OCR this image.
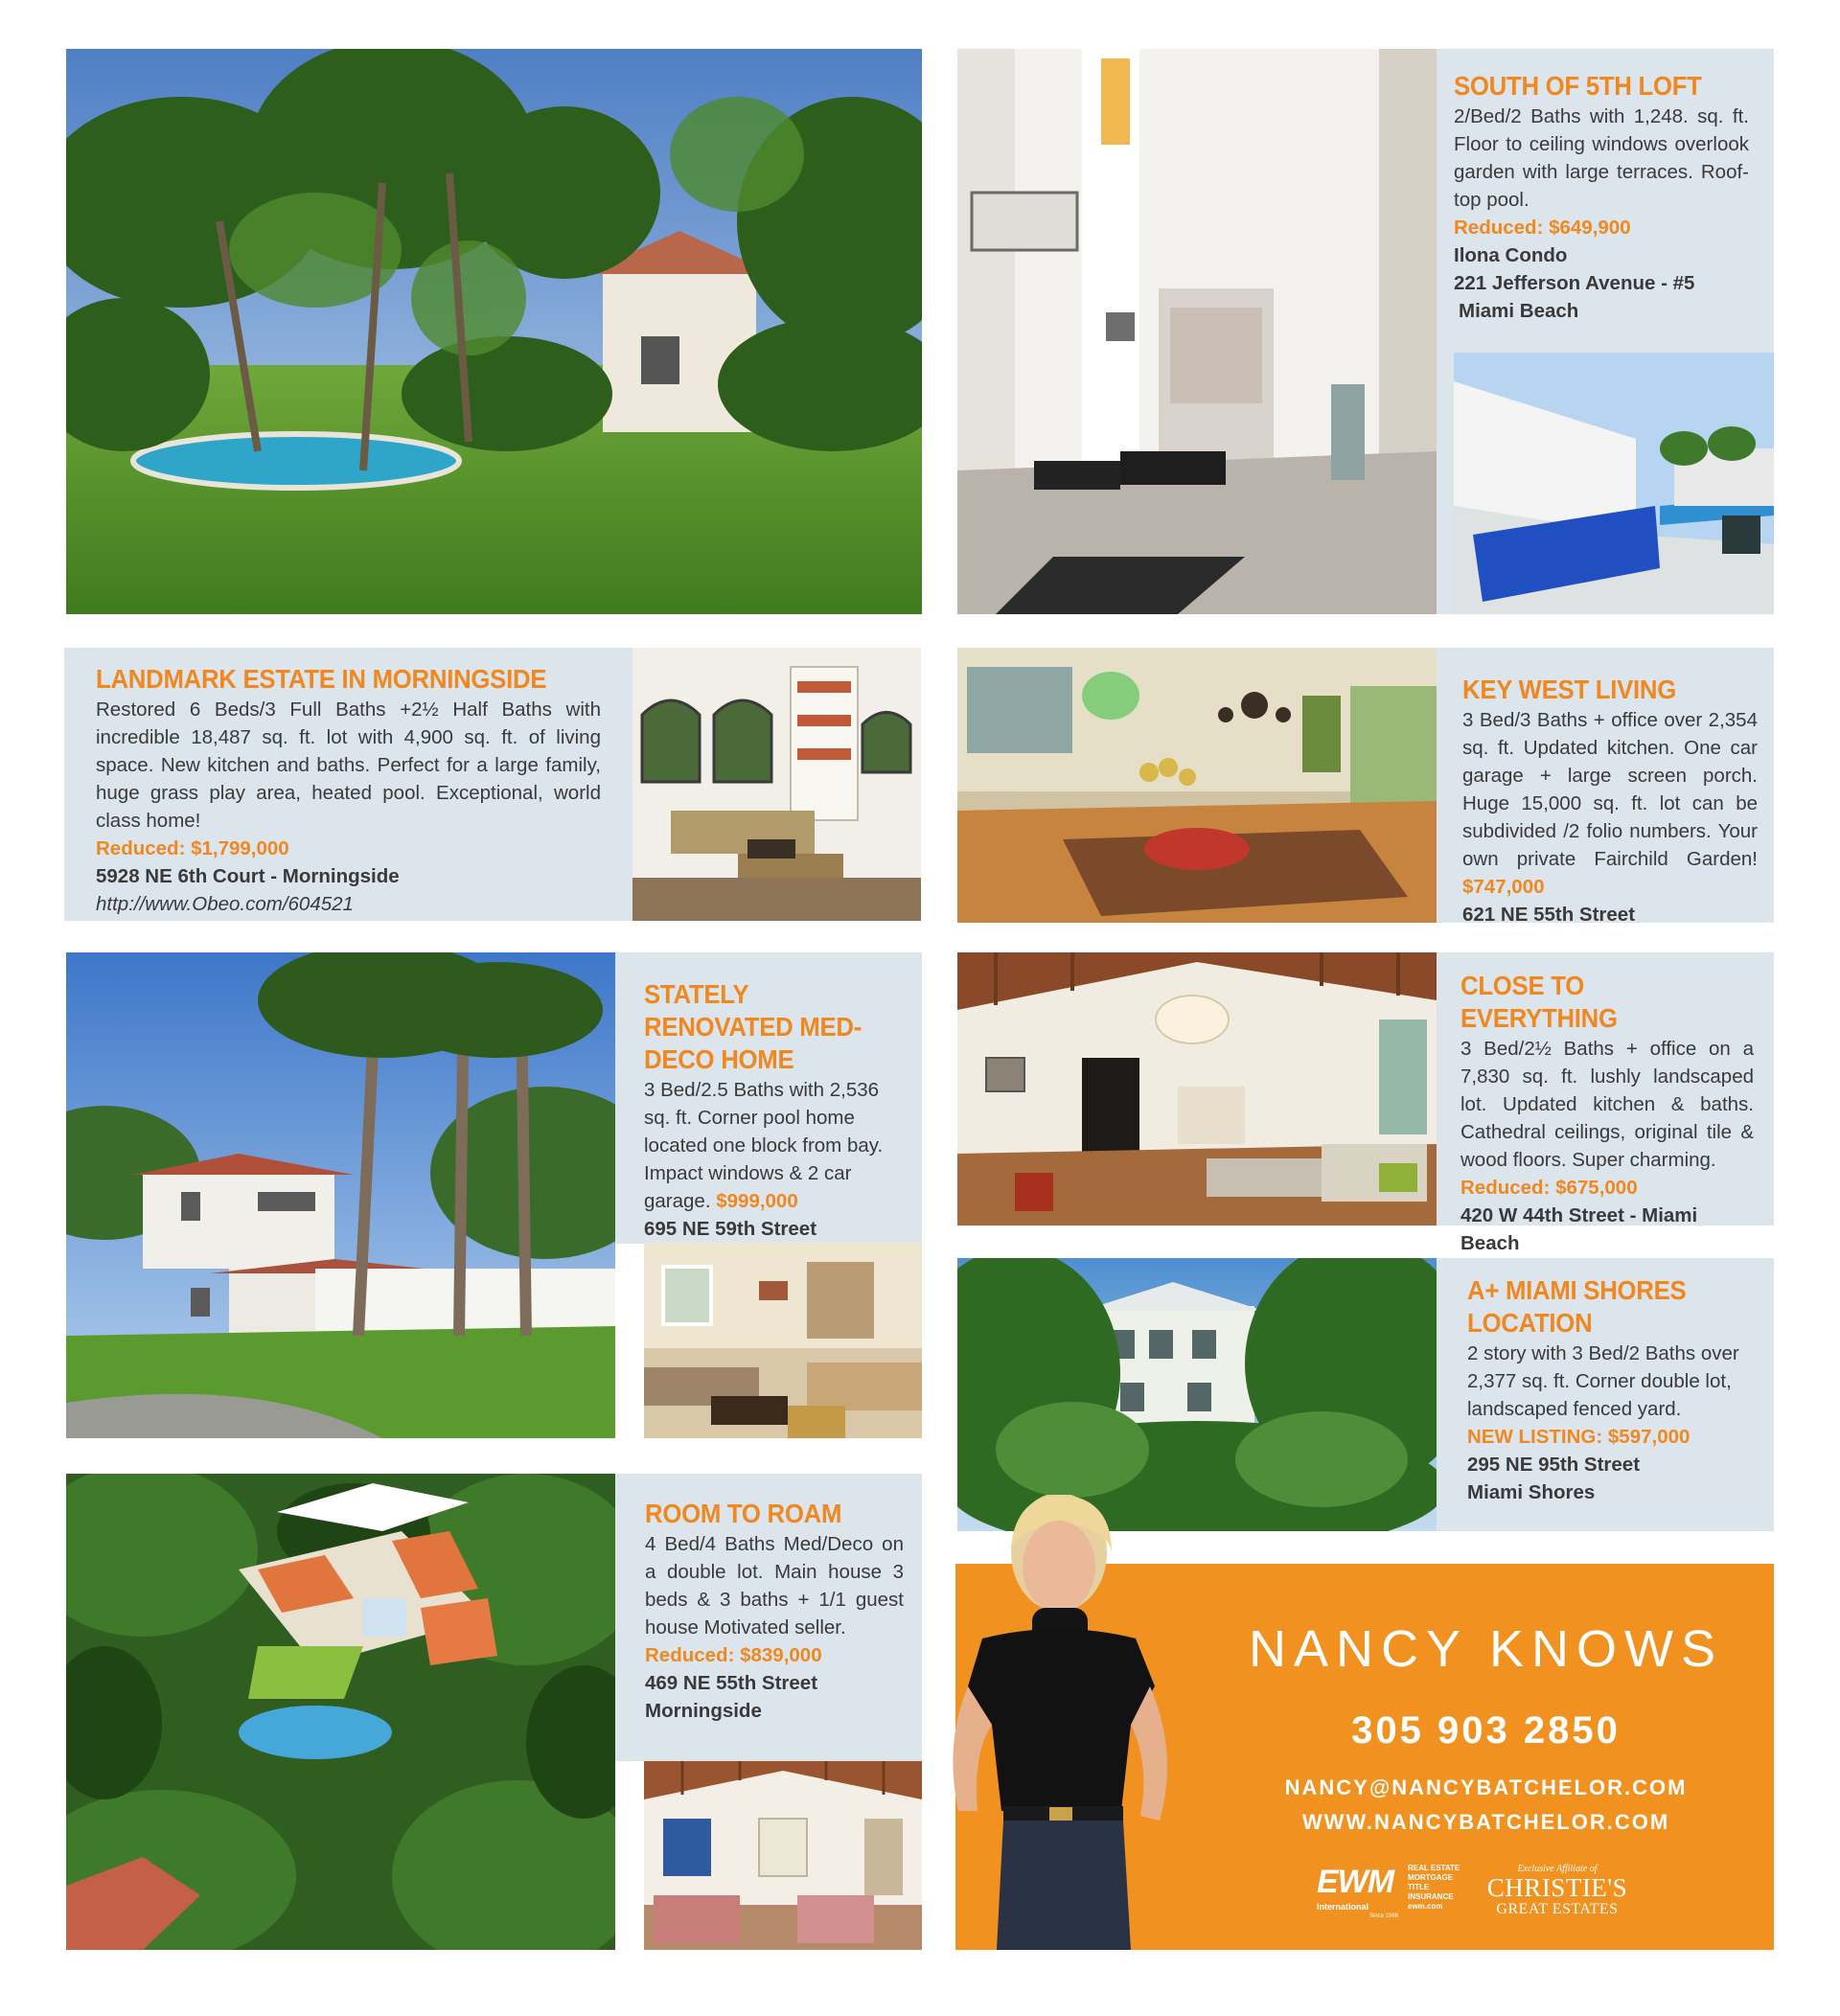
SOUTH OF 5TH LOFT
2/Bed/2 Baths with 1,248. sq. ft. Floor to ceiling windows overlook garden with large terraces. Roof-top pool.
Reduced: $649,900
Ilona Condo
221 Jefferson Avenue - #5
Miami Beach
LANDMARK ESTATE IN MORNINGSIDE
Restored 6 Beds/3 Full Baths +2½ Half Baths with incredible 18,487 sq. ft. lot with 4,900 sq. ft. of living space. New kitchen and baths. Perfect for a large family, huge grass play area, heated pool. Exceptional, world class home!
Reduced: $1,799,000
5928 NE 6th Court - Morningside
http://www.Obeo.com/604521
KEY WEST LIVING
3 Bed/3 Baths + office over 2,354 sq. ft. Updated kitchen. One car garage + large screen porch. Huge 15,000 sq. ft. lot can be subdivided /2 folio numbers. Your own private Fairchild Garden! $747,000
621 NE 55th Street
STATELY RENOVATED MED-DECO HOME
3 Bed/2.5 Baths with 2,536 sq. ft. Corner pool home located one block from bay. Impact windows & 2 car garage. $999,000
695 NE 59th Street
CLOSE TO EVERYTHING
3 Bed/2½ Baths + office on a 7,830 sq. ft. lushly landscaped lot. Updated kitchen & baths. Cathedral ceilings, original tile & wood floors. Super charming.
Reduced: $675,000
420 W 44th Street - Miami Beach
A+ MIAMI SHORES LOCATION
2 story with 3 Bed/2 Baths over 2,377 sq. ft. Corner double lot, landscaped fenced yard.
NEW LISTING: $597,000
295 NE 95th Street
Miami Shores
ROOM TO ROAM
4 Bed/4 Baths Med/Deco on a double lot. Main house 3 beds & 3 baths + 1/1 guest house Motivated seller.
Reduced: $839,000
469 NE 55th Street
Morningside
NANCY KNOWS
305 903 2850
NANCY@NANCYBATCHELOR.COM
WWW.NANCYBATCHELOR.COM
EWM
International
Since 1986
REAL ESTATE
MORTGAGE
TITLE
INSURANCE
ewm.com
Exclusive Affiliate of
CHRISTIE'S
GREAT ESTATES
